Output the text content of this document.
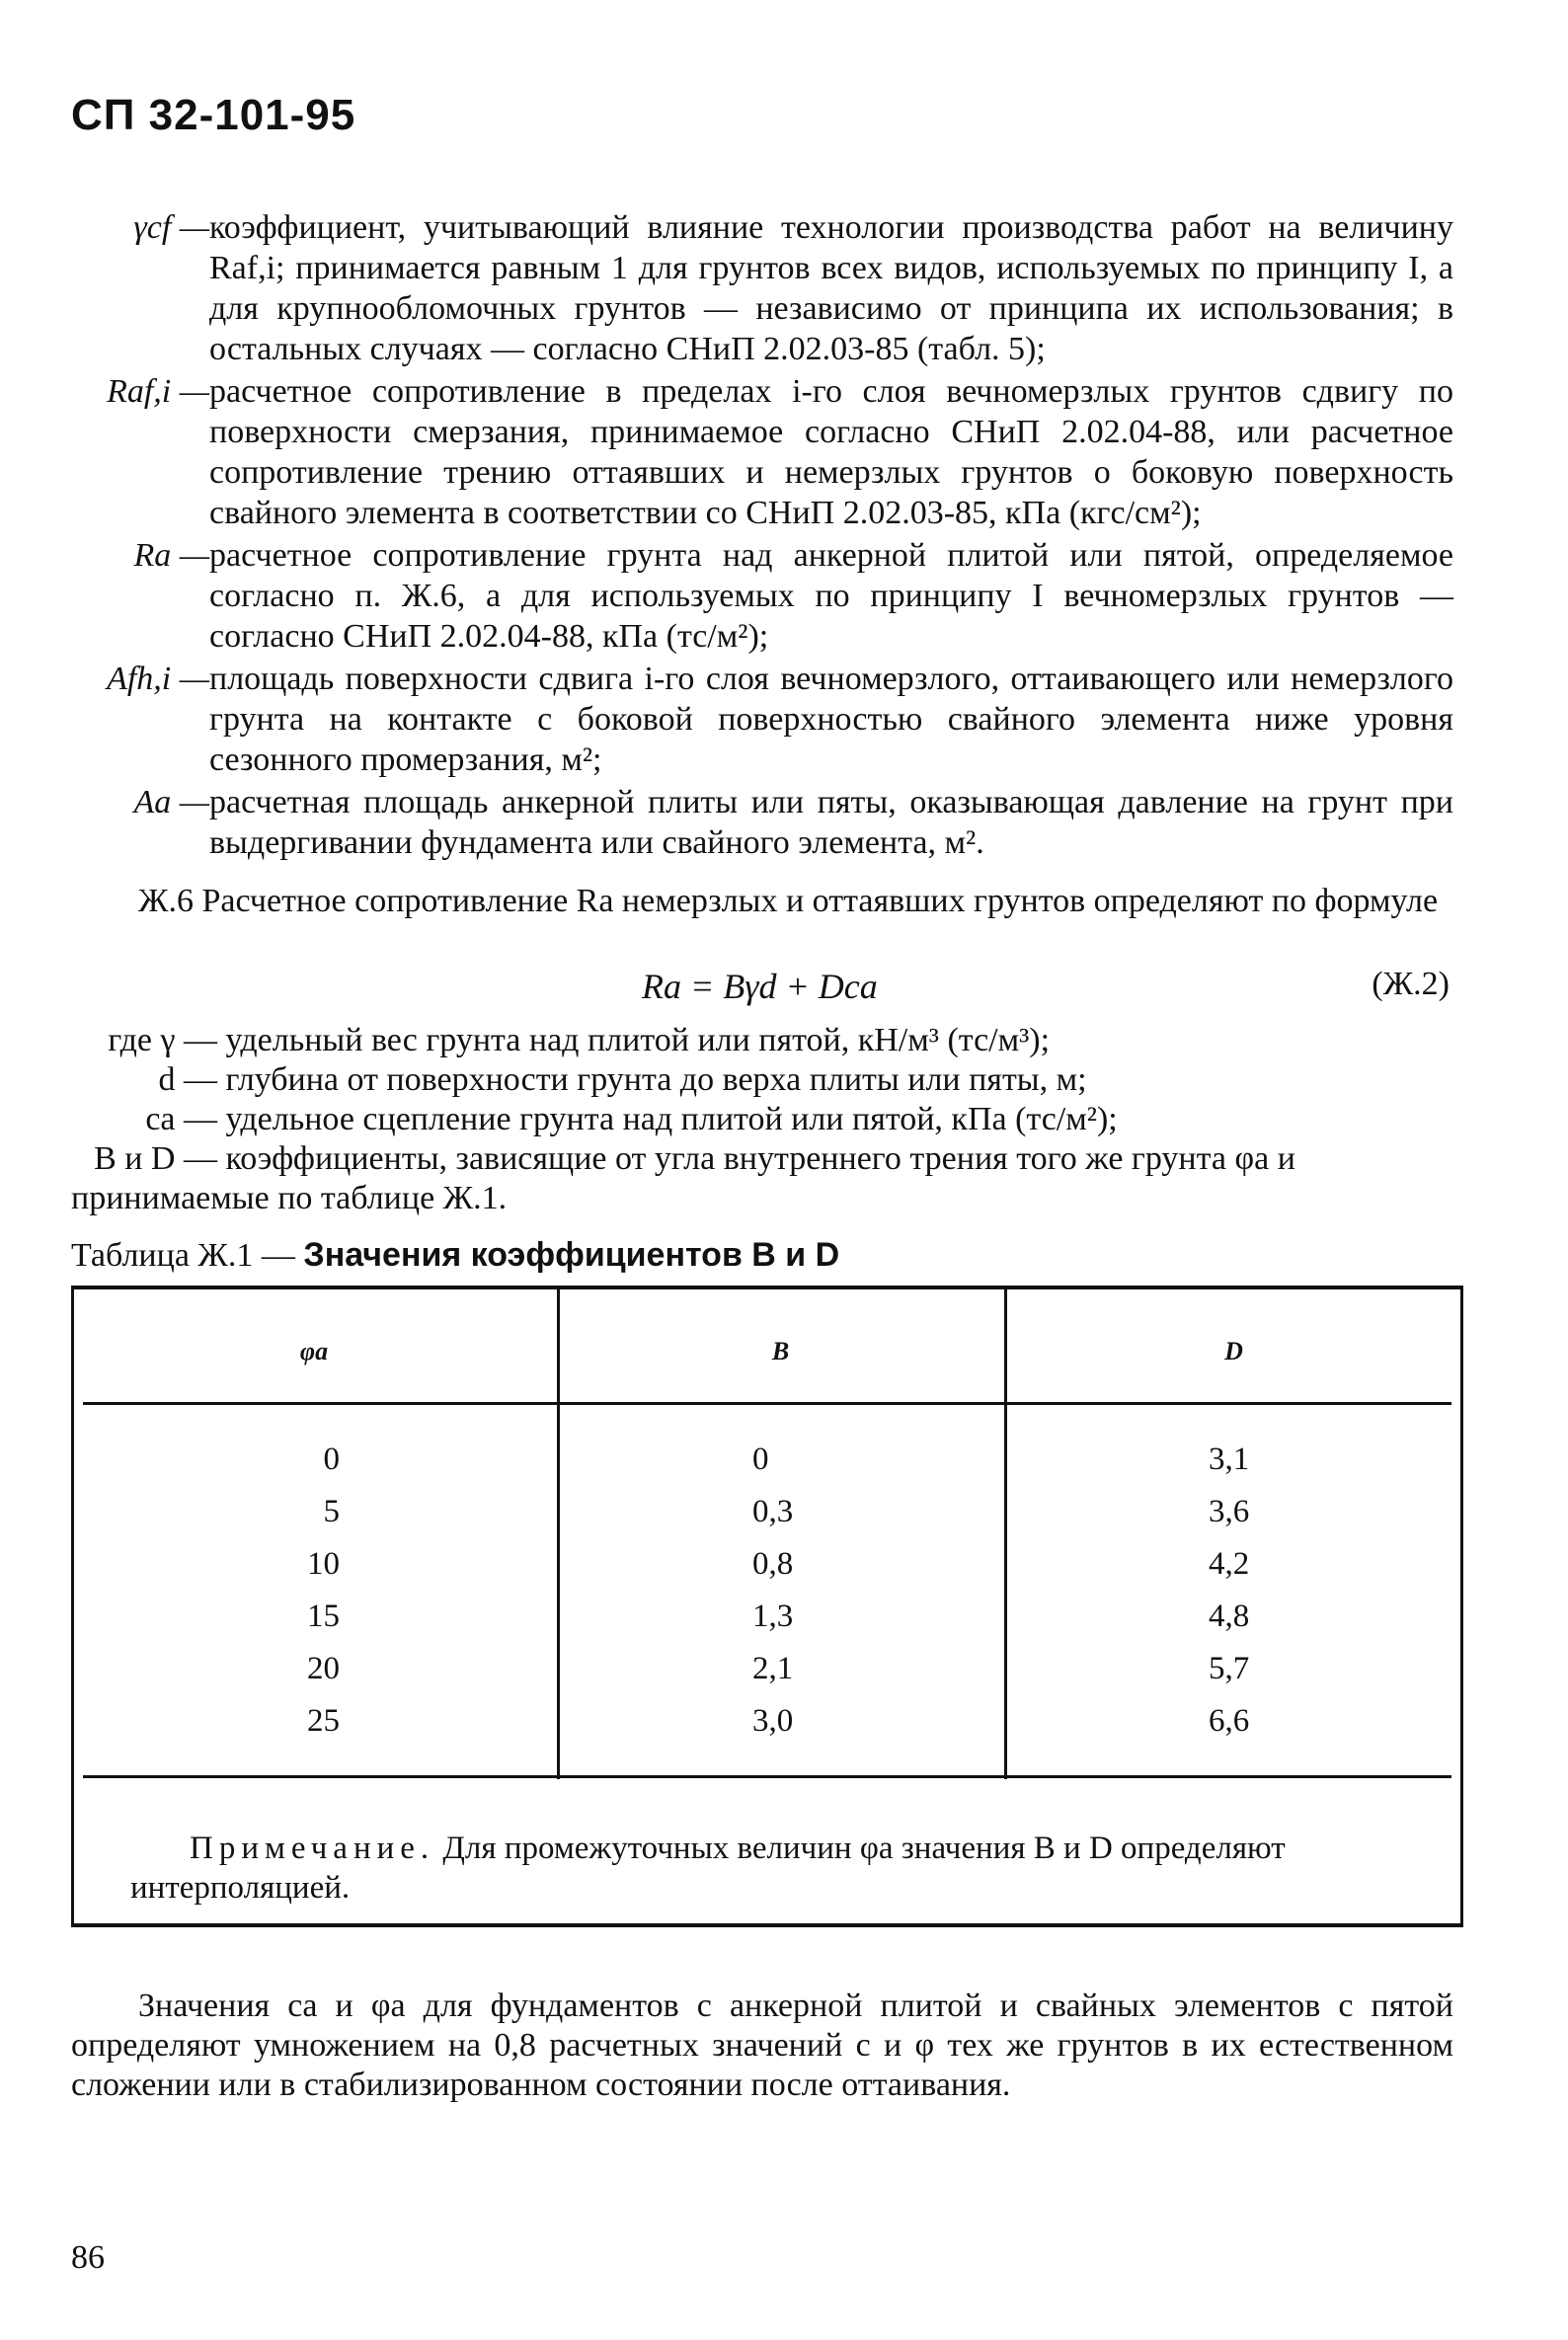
СП 32-101-95
γcf — коэффициент, учитывающий влияние технологии производства работ на величину Raf,i; принимается равным 1 для грунтов всех видов, используемых по принципу I, а для крупнообломочных грунтов — независимо от принципа их использования; в остальных случаях — согласно СНиП 2.02.03-85 (табл. 5);
Raf,i — расчетное сопротивление в пределах i-го слоя вечномерзлых грунтов сдвигу по поверхности смерзания, принимаемое согласно СНиП 2.02.04-88, или расчетное сопротивление трению оттаявших и немерзлых грунтов о боковую поверхность свайного элемента в соответствии со СНиП 2.02.03-85, кПа (кгс/см²);
Ra — расчетное сопротивление грунта над анкерной плитой или пятой, определяемое согласно п. Ж.6, а для используемых по принципу I вечномерзлых грунтов — согласно СНиП 2.02.04-88, кПа (тс/м²);
Afh,i — площадь поверхности сдвига i-го слоя вечномерзлого, оттаивающего или немерзлого грунта на контакте с боковой поверхностью свайного элемента ниже уровня сезонного промерзания, м²;
Aa — расчетная площадь анкерной плиты или пяты, оказывающая давление на грунт при выдергивании фундамента или свайного элемента, м².
Ж.6 Расчетное сопротивление Ra немерзлых и оттаявших грунтов определяют по формуле
Ra = Bγd + Dca	(Ж.2)
где γ — удельный вес грунта над плитой или пятой, кН/м³ (тс/м³);
d — глубина от поверхности грунта до верха плиты или пяты, м;
ca — удельное сцепление грунта над плитой или пятой, кПа (тс/м²);
B и D — коэффициенты, зависящие от угла внутреннего трения того же грунта φa и принимаемые по таблице Ж.1.
Таблица Ж.1 — Значения коэффициентов B и D
φa	B	D
0	0	3,1
5	0,3	3,6
10	0,8	4,2
15	1,3	4,8
20	2,1	5,7
25	3,0	6,6
Примечание. Для промежуточных величин φa значения B и D определяют интерполяцией.
Значения ca и φa для фундаментов с анкерной плитой и свайных элементов с пятой определяют умножением на 0,8 расчетных значений c и φ тех же грунтов в их естественном сложении или в стабилизированном состоянии после оттаивания.
86
